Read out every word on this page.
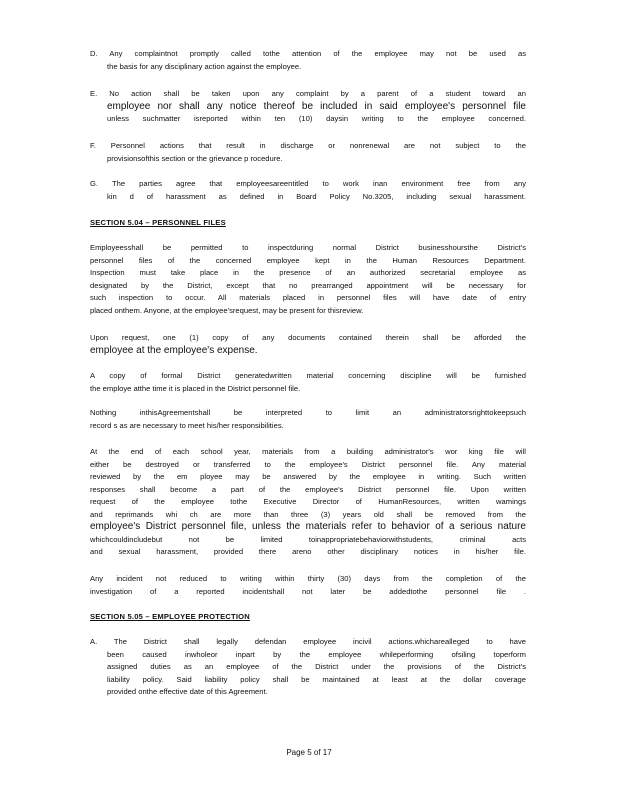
D. Any complaintnot promptly called tothe attention of the employee may not be used as
the basis for any disciplinary action against the employee.
E. No action shall be taken upon any complaint by a parent of a student toward an
employee nor shall any notice thereof be included in said employee's personnel file
unless suchmatter isreported within ten (10) daysin writing to the employee concerned.
F. Personnel actions that result in discharge or nonrenewal are not subject to the
provisionsofthis section or the grievance p rocedure.
G. The parties agree that employeesareentitled to work inan environment free from any
kin d of harassment as defined in Board Policy No.3205, including sexual harassment.
SECTION 5.04 – PERSONNEL FILES
Employeesshall be permitted to inspectduring normal District businesshoursthe District's
personnel files of the concerned employee kept in the Human Resources Department.
Inspection must take place in the presence of an authorized secretarial employee as
designated by the District, except that no prearranged appointment will be necessary for
such inspection to occur. All materials placed in personnel files will have date of entry
placed onthem. Anyone, at the employee'srequest, may be present for thisreview.
Upon request, one (1) copy of any documents contained therein shall be afforded the
employee at the employee's expense.
A copy of formal District generatedwritten material concerning discipline will be furnished
the employe atthe time it is placed in the District personnel file.
Nothing inthisAgreementshall be interpreted to limit an administratorsrighttokeepsuch
record s as are necessary to meet his/her responsibilities.
At the end of each school year, materials from a building administrator's wor king file will
either be destroyed or transferred to the employee's District personnel file. Any material
reviewed by the em ployee may be answered by the employee in writing. Such written
responses shall become a part of the employee's District personnel file. Upon written
request of the employee tothe Executive Director of HumanResources, written wamings
and reprimands whi ch are more than three (3) years old shall be removed from the
employee's District personnel file, unless the materials refer to behavior of a serious nature
whichcouldincludebut not be limited toinappropriatebehaviorwithstudents, criminal acts
and sexual harassment, provided there areno other disciplinary notices in his/her file.
Any incident not reduced to writing within thirty (30) days from the completion of the
investigation of a reported incidentshall not later be addedtothe personnel file .
SECTION 5.05 – EMPLOYEE PROTECTION
A. The District shall legally defendan employee incivil actions.whicharealleged to have
been caused inwholeor inpart by the employee whileperforming ofsiling toperform
assigned duties as an employee of the District under the provisions of the District's
liability policy. Said liability policy shall be maintained at least at the dollar coverage
provided onthe effective date of this Agreement.
Page 5 of 17
